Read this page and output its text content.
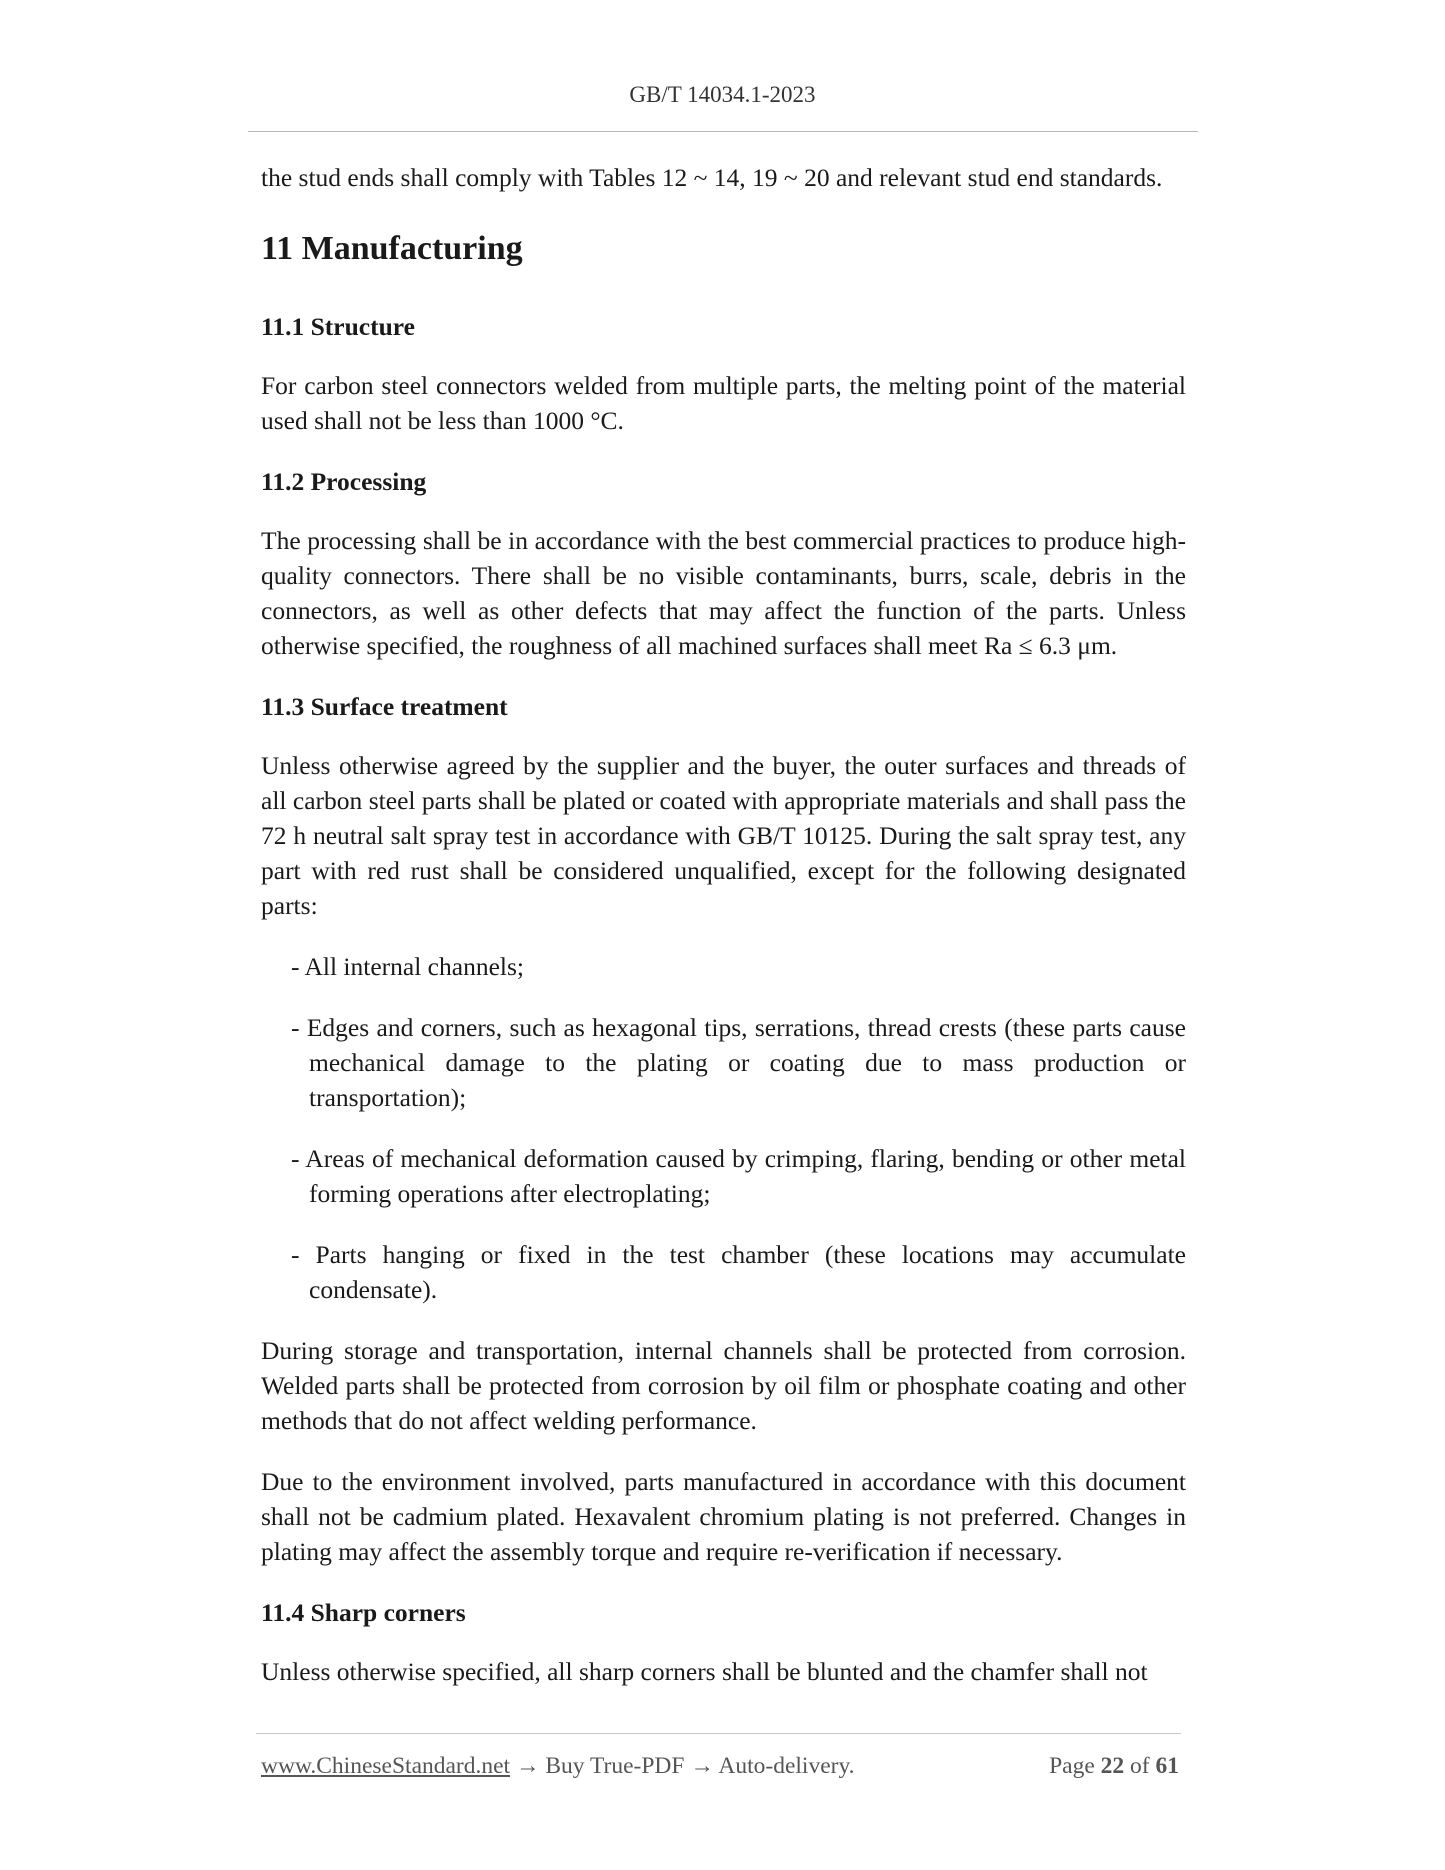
GB/T 14034.1-2023

the stud ends shall comply with Tables 12 ~ 14, 19 ~ 20 and relevant stud end standards.

11 Manufacturing
11.1 Structure

For carbon steel connectors welded from multiple parts, the melting point of the material used shall not be less than 1000 °C.

11.2 Processing

The processing shall be in accordance with the best commercial practices to produce high-quality connectors. There shall be no visible contaminants, burrs, scale, debris in the connectors, as well as other defects that may affect the function of the parts. Unless otherwise specified, the roughness of all machined surfaces shall meet Ra ≤ 6.3 μm.

11.3 Surface treatment

Unless otherwise agreed by the supplier and the buyer, the outer surfaces and threads of all carbon steel parts shall be plated or coated with appropriate materials and shall pass the 72 h neutral salt spray test in accordance with GB/T 10125. During the salt spray test, any part with red rust shall be considered unqualified, except for the following designated parts:

- All internal channels;
- Edges and corners, such as hexagonal tips, serrations, thread crests (these parts cause mechanical damage to the plating or coating due to mass production or transportation);
- Areas of mechanical deformation caused by crimping, flaring, bending or other metal forming operations after electroplating;
- Parts hanging or fixed in the test chamber (these locations may accumulate condensate).

During storage and transportation, internal channels shall be protected from corrosion. Welded parts shall be protected from corrosion by oil film or phosphate coating and other methods that do not affect welding performance.

Due to the environment involved, parts manufactured in accordance with this document shall not be cadmium plated. Hexavalent chromium plating is not preferred. Changes in plating may affect the assembly torque and require re-verification if necessary.

11.4 Sharp corners

Unless otherwise specified, all sharp corners shall be blunted and the chamfer shall not

www.ChineseStandard.net → Buy True-PDF → Auto-delivery.	Page 22 of 61
